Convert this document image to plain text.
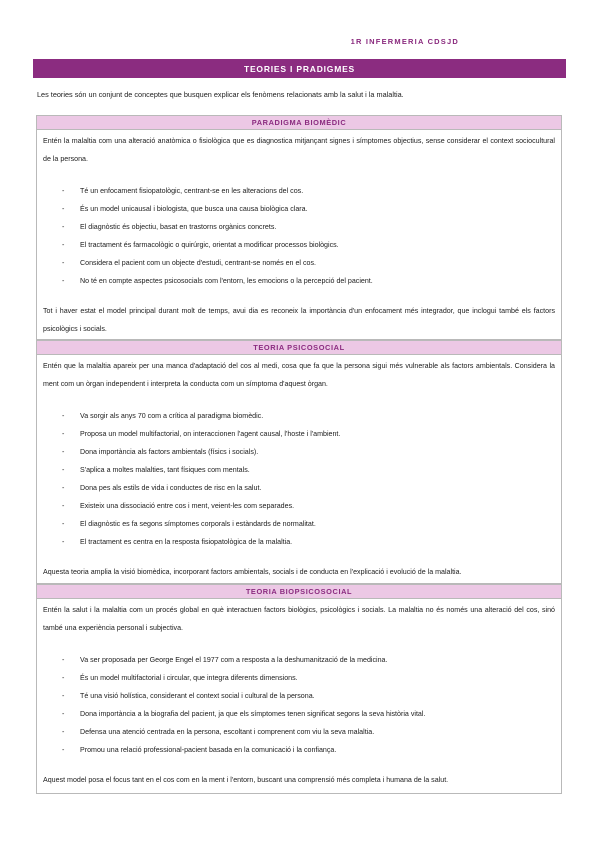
1R INFERMERIA CDSJD
TEORIES I PRADIGMES
Les teories són un conjunt de conceptes que busquen explicar els fenòmens relacionats amb la salut i la malaltia.
PARADIGMA BIOMÈDIC
Entén la malaltia com una alteració anatòmica o fisiològica que es diagnostica mitjançant signes i símptomes objectius, sense considerar el context sociocultural de la persona.
- Té un enfocament fisiopatològic, centrant-se en les alteracions del cos.
- És un model unicausal i biologista, que busca una causa biològica clara.
- El diagnòstic és objectiu, basat en trastorns orgànics concrets.
- El tractament és farmacològic o quirúrgic, orientat a modificar processos biològics.
- Considera el pacient com un objecte d'estudi, centrant-se només en el cos.
- No té en compte aspectes psicosocials com l'entorn, les emocions o la percepció del pacient.
Tot i haver estat el model principal durant molt de temps, avui dia es reconeix la importància d'un enfocament més integrador, que inclogui també els factors psicològics i socials.
TEORIA PSICOSOCIAL
Entén que la malaltia apareix per una manca d'adaptació del cos al medi, cosa que fa que la persona sigui més vulnerable als factors ambientals. Considera la ment com un òrgan independent i interpreta la conducta com un símptoma d'aquest òrgan.
- Va sorgir als anys 70 com a crítica al paradigma biomèdic.
- Proposa un model multifactorial, on interaccionen l'agent causal, l'hoste i l'ambient.
- Dona importància als factors ambientals (físics i socials).
- S'aplica a moltes malalties, tant físiques com mentals.
- Dona pes als estils de vida i conductes de risc en la salut.
- Existeix una dissociació entre cos i ment, veient-les com separades.
- El diagnòstic es fa segons símptomes corporals i estàndards de normalitat.
- El tractament es centra en la resposta fisiopatològica de la malaltia.
Aquesta teoria amplia la visió biomèdica, incorporant factors ambientals, socials i de conducta en l'explicació i evolució de la malaltia.
TEORIA BIOPSICOSOCIAL
Entén la salut i la malaltia com un procés global en què interactuen factors biològics, psicològics i socials. La malaltia no és només una alteració del cos, sinó també una experiència personal i subjectiva.
- Va ser proposada per George Engel el 1977 com a resposta a la deshumanització de la medicina.
- És un model multifactorial i circular, que integra diferents dimensions.
- Té una visió holística, considerant el context social i cultural de la persona.
- Dona importància a la biografia del pacient, ja que els símptomes tenen significat segons la seva història vital.
- Defensa una atenció centrada en la persona, escoltant i comprenent com viu la seva malaltia.
- Promou una relació professional-pacient basada en la comunicació i la confiança.
Aquest model posa el focus tant en el cos com en la ment i l'entorn, buscant una comprensió més completa i humana de la salut.
